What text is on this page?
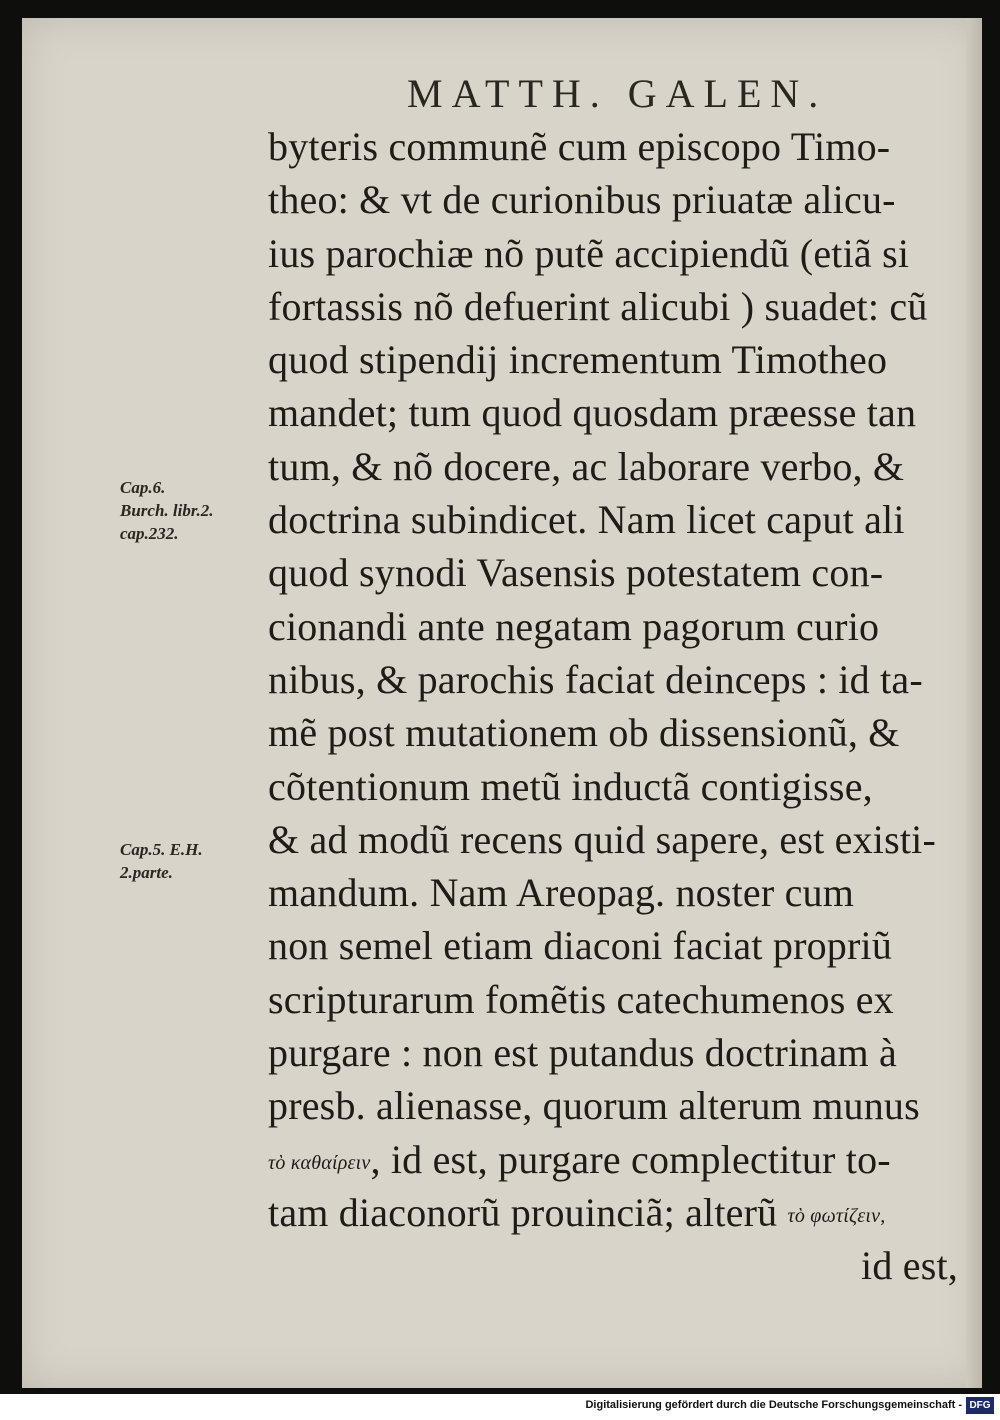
MATTH. GALEN.
Cap.6.
Burch. libr.2.
cap.232.
Cap.5. E.H.
2.parte.
byteris communẽ cum episcopo Timo-
theo: & vt de curionibus priuatæ alicu-
ius parochiæ nõ putẽ accipiendũ (etiã si
fortassis nõ defuerint alicubi ) suadet: cũ
quod stipendij incrementum Timotheo
mandet; tum quod quosdam præesse tan
tum, & nõ docere, ac laborare verbo, &
doctrina subindicet. Nam licet caput ali
quod synodi Vasensis potestatem con-
cionandi ante negatam pagorum curio
nibus, & parochis faciat deinceps : id ta-
mẽ post mutationem ob dissensionũ, &
cõtentionum metũ inductã contigisse,
& ad modũ recens quid sapere, est existi-
mandum. Nam Areopag. noster cum
non semel etiam diaconi faciat propriũ
scripturarum fomẽtis catechumenos ex
purgare : non est putandus doctrinam à
presb. alienasse, quorum alterum munus
τὸ καθαίρειν, id est, purgare complectitur to-
tam diaconorũ prouinciã; alterũ τὸ φωτίζειν,
id est,
Digitalisierung gefördert durch die Deutsche Forschungsgemeinschaft - DFG
